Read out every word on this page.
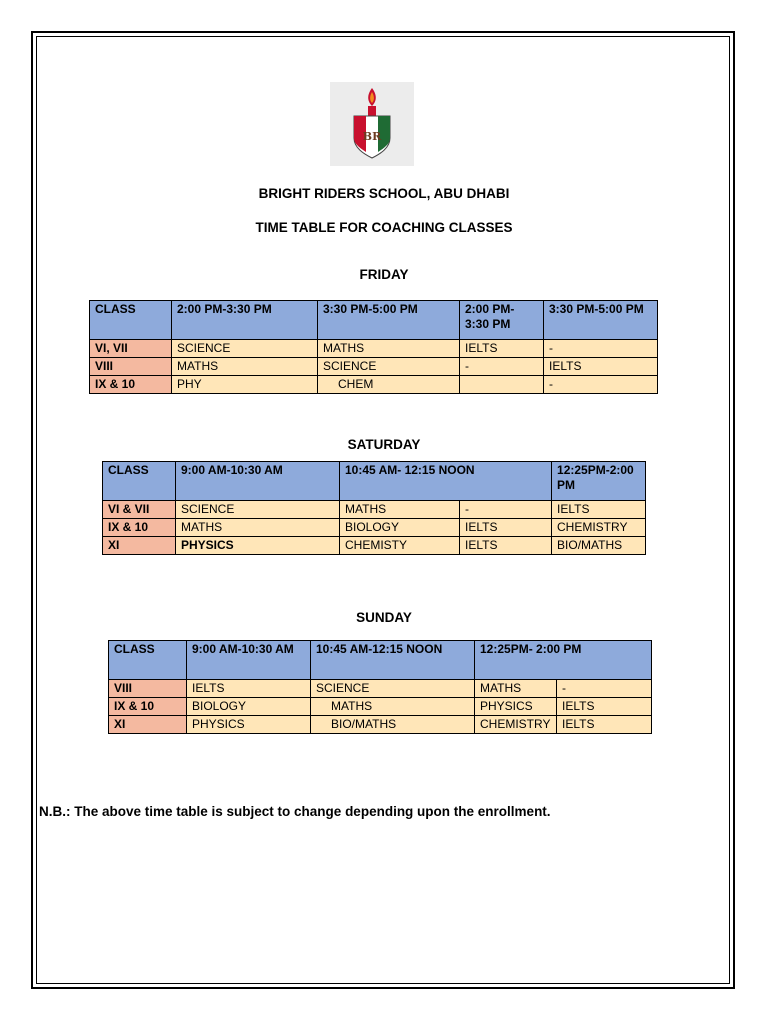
BR
BRIGHT RIDERS SCHOOL, ABU DHABI
TIME TABLE FOR COACHING CLASSES
FRIDAY
CLASS	2:00 PM-3:30 PM	3:30 PM-5:00 PM	2:00 PM-3:30 PM	3:30 PM-5:00 PM
VI, VII	SCIENCE	MATHS	IELTS	-
VIII	MATHS	SCIENCE	-	IELTS
IX & 10	PHY	CHEM		-
SATURDAY
CLASS	9:00 AM-10:30 AM	10:45 AM- 12:15 NOON		12:25PM-2:00 PM
VI & VII	SCIENCE	MATHS	-	IELTS
IX & 10	MATHS	BIOLOGY	IELTS	CHEMISTRY
XI	PHYSICS	CHEMISTY	IELTS	BIO/MATHS
SUNDAY
CLASS	9:00 AM-10:30 AM	10:45 AM-12:15 NOON	12:25PM- 2:00 PM	
VIII	IELTS	SCIENCE	MATHS	-
IX & 10	BIOLOGY	MATHS	PHYSICS	IELTS
XI	PHYSICS	BIO/MATHS	CHEMISTRY	IELTS
N.B.: The above time table is subject to change depending upon the enrollment.
